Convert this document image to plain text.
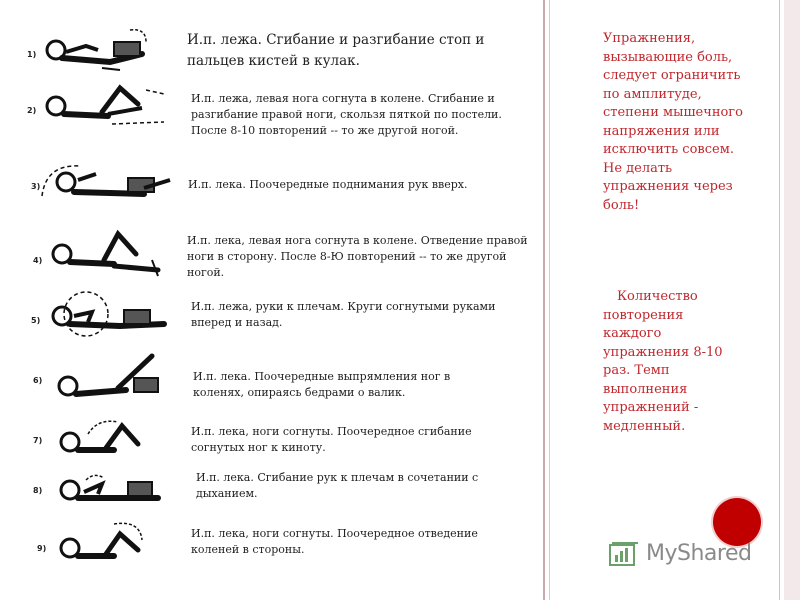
1)
И.п. лежа. Сгибание и разгибание стоп и пальцев кистей в кулак.
2)
И.п. лежа, левая нога согнута в колене. Сгибание и разгибание правой ноги, скользя пяткой по постели. После 8-10 повторений -- то же другой ногой.
3)	И.п. лека. Поочередные поднимания рук вверх.
4)
И.п. лека, левая нога согнута в колене. Отведение правой ноги в сторону. После 8-Ю повторений -- то же другой ногой.
5)
И.п. лежа, руки к плечам. Круги согнутыми руками вперед и назад.
6)	И.п. лека. Поочередные выпрямления ног в коленях, опираясь бедрами о валик.
7)
И.п. лека, ноги согнуты. Поочередное сгибание согнутых ног к киноту.
8)
И.п. лека. Сгибание рук к плечам в сочетании с дыханием.
9)
И.п. лека, ноги согнуты. Поочередное отведение коленей в стороны.
Упражнения, вызывающие боль, следует ограничить по амплитуде, степени мышечного напряжения или исключить совсем. Не делать упражнения через боль!
Количество повторения каждого упражнения 8-10 раз. Темп выполнения упражнений - медленный.
MyShared
